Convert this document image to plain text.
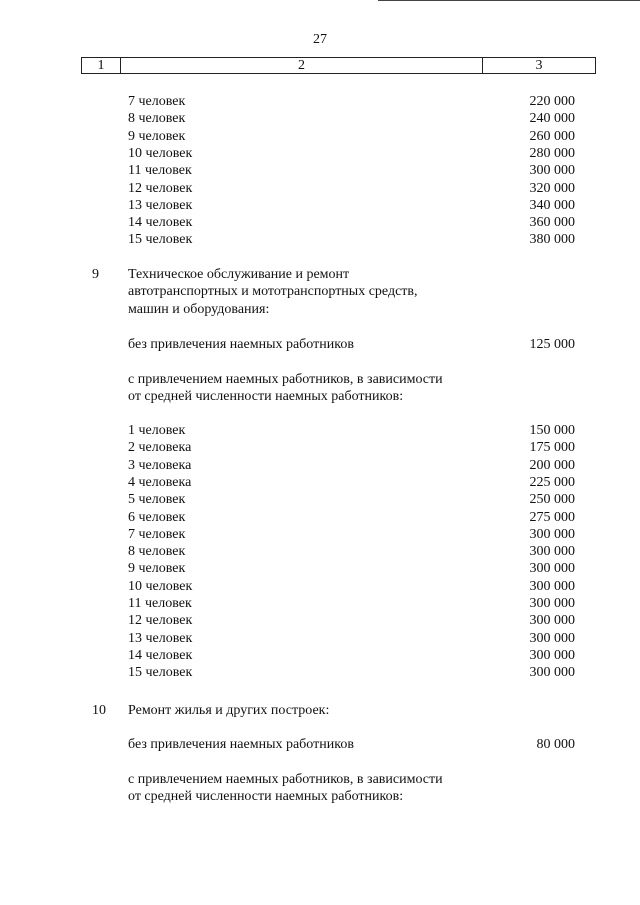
27
1	2	3
7 человек	220 000
8 человек	240 000
9 человек	260 000
10 человек	280 000
11 человек	300 000
12 человек	320 000
13 человек	340 000
14 человек	360 000
15 человек	380 000
9 Техническое обслуживание и ремонт
автотранспортных и мототранспортных средств,
машин и оборудования:
без привлечения наемных работников	125 000
с привлечением наемных работников, в зависимости
от средней численности наемных работников:
1 человек	150 000
2 человека	175 000
3 человека	200 000
4 человека	225 000
5 человек	250 000
6 человек	275 000
7 человек	300 000
8 человек	300 000
9 человек	300 000
10 человек	300 000
11 человек	300 000
12 человек	300 000
13 человек	300 000
14 человек	300 000
15 человек	300 000
10 Ремонт жилья и других построек:
без привлечения наемных работников	80 000
с привлечением наемных работников, в зависимости
от средней численности наемных работников:
